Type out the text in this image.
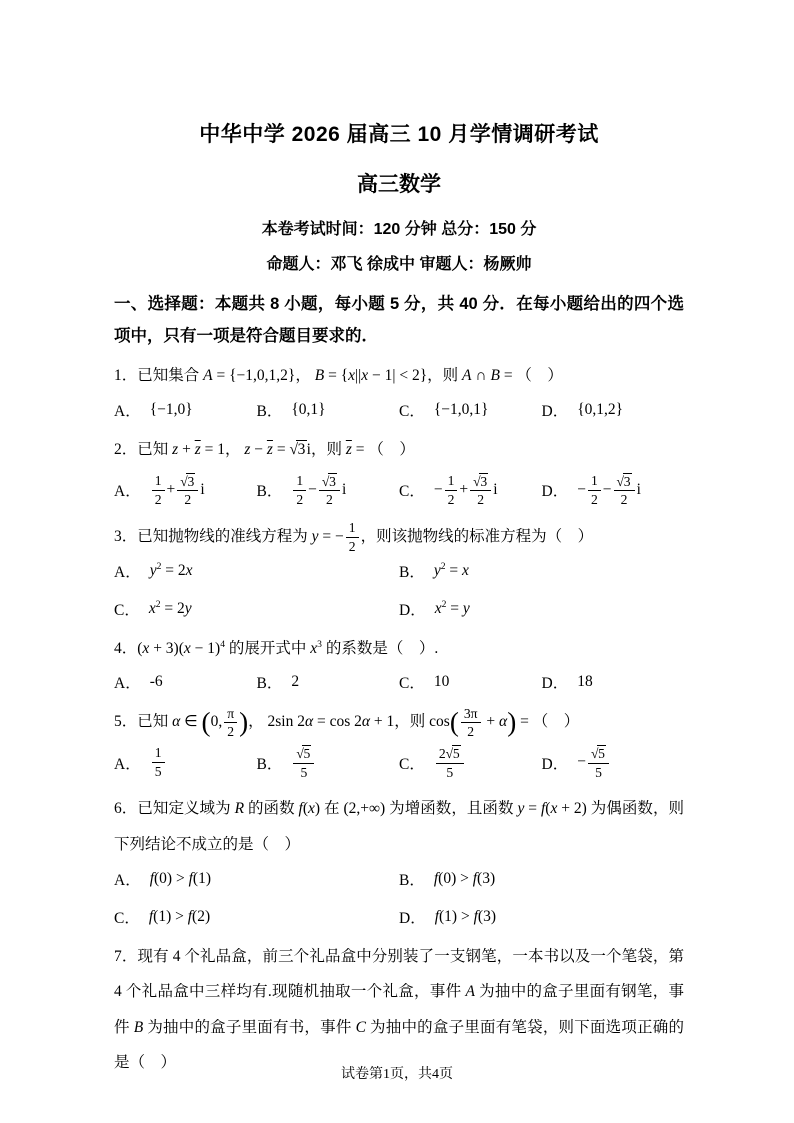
中华中学 2026 届高三 10 月学情调研考试
高三数学
本卷考试时间：120 分钟 总分：150 分
命题人：邓飞 徐成中 审题人：杨厥帅
一、选择题：本题共 8 小题，每小题 5 分，共 40 分．在每小题给出的四个选项中，只有一项是符合题目要求的．
1．已知集合 A = {−1,0,1,2}， B = {x||x − 1| < 2}，则 A ∩ B = （　）
A． {−1,0}	B． {0,1}	C． {−1,0,1}	D． {0,1,2}
2．已知 $z + \overline{z} = 1$， $z - \overline{z}$ = √ 3i，则 $\overline{z}$ = （　）
A． $\frac{1}{2}$ + √ $\frac{3}{2}$ i	B． $\frac{1}{2}$ − √ $\frac{3}{2}$ i	C． − $\frac{1}{2}$ + √ $\frac{3}{2}$ i	D． − $\frac{1}{2}$ − √ $\frac{3}{2}$ i
3．已知抛物线的准线方程为 y = − $\frac{1}{2}$ ，则该抛物线的标准方程为（　）
A． $y^2 = 2x$	B． $y^2 = x$
C． $x^2 = 2y$	D． $x^2 = y$
4．$(x + 3)(x - 1)^4$ 的展开式中 $x^3$ 的系数是（　）.
A． -6	B． 2	C． 10	D． 18
5．已知 α ∈ (0, $\frac{\pi}{2}$ )， 2sin 2α = cos 2α + 1，则 $\cos( \frac{3\pi}{2} + \alpha)$ = （　）
A． $\frac{1}{5}$	B． √ $\frac{5}{5}$	C． $\frac{2 √ 5}{5}$	D． − √ $\frac{5}{5}$
6．已知定义域为 R 的函数 f(x) 在 (2,+∞) 为增函数，且函数 y = f(x + 2) 为偶函数，则下列结论不成立的是（　）
A． f(0) > f(1)	B． f(0) > f(3)
C． f(1) > f(2)	D． f(1) > f(3)
7．现有 4 个礼品盒，前三个礼品盒中分别装了一支钢笔，一本书以及一个笔袋，第 4 个礼品盒中三样均有.现随机抽取一个礼盒，事件 A 为抽中的盒子里面有钢笔，事件 B 为抽中的盒子里面有书，事件 C 为抽中的盒子里面有笔袋，则下面选项正确的是（　）
试卷第1页，共4页
